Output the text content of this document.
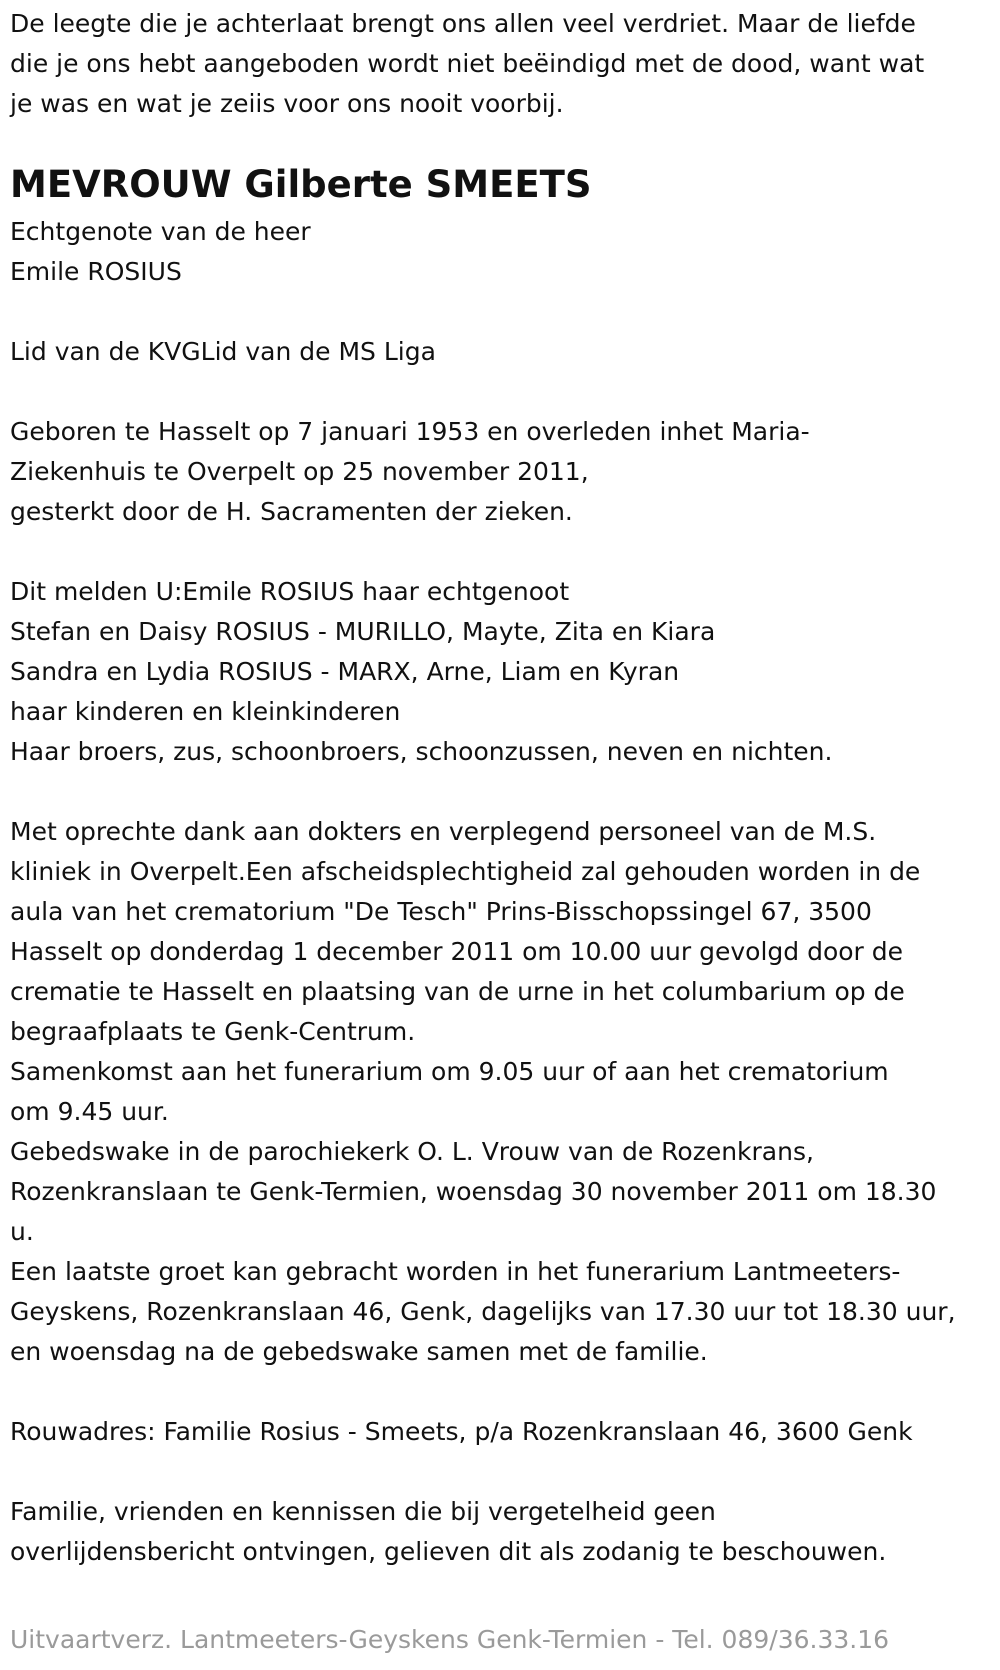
De leegte die je achterlaat brengt ons allen veel verdriet. Maar de liefde

die je ons hebt aangeboden wordt niet beëindigd met de dood, want wat

je was en wat je zeiis voor ons nooit voorbij.

MEVROUW Gilberte SMEETS

Echtgenote van de heer

Emile ROSIUS

Lid van de KVGLid van de MS Liga

Geboren te Hasselt op 7 januari 1953 en overleden inhet Maria-

Ziekenhuis te Overpelt op 25 november 2011,

gesterkt door de H. Sacramenten der zieken.

Dit melden U:Emile ROSIUS haar echtgenoot

Stefan en Daisy ROSIUS - MURILLO, Mayte, Zita en Kiara

Sandra en Lydia ROSIUS - MARX, Arne, Liam en Kyran

haar kinderen en kleinkinderen

Haar broers, zus, schoonbroers, schoonzussen, neven en nichten.

Met oprechte dank aan dokters en verplegend personeel van de M.S.

kliniek in Overpelt.Een afscheidsplechtigheid zal gehouden worden in de

aula van het crematorium "De Tesch" Prins-Bisschopssingel 67, 3500

Hasselt op donderdag 1 december 2011 om 10.00 uur gevolgd door de

crematie te Hasselt en plaatsing van de urne in het columbarium op de

begraafplaats te Genk-Centrum.

Samenkomst aan het funerarium om 9.05 uur of aan het crematorium

om 9.45 uur.

Gebedswake in de parochiekerk O. L. Vrouw van de Rozenkrans,

Rozenkranslaan te Genk-Termien, woensdag 30 november 2011 om 18.30

u.

Een laatste groet kan gebracht worden in het funerarium Lantmeeters-

Geyskens, Rozenkranslaan 46, Genk, dagelijks van 17.30 uur tot 18.30 uur,

en woensdag na de gebedswake samen met de familie.

Rouwadres: Familie Rosius - Smeets, p/a Rozenkranslaan 46, 3600 Genk

Familie, vrienden en kennissen die bij vergetelheid geen

overlijdensbericht ontvingen, gelieven dit als zodanig te beschouwen.

Uitvaartverz. Lantmeeters-Geyskens Genk-Termien - Tel. 089/36.33.16
